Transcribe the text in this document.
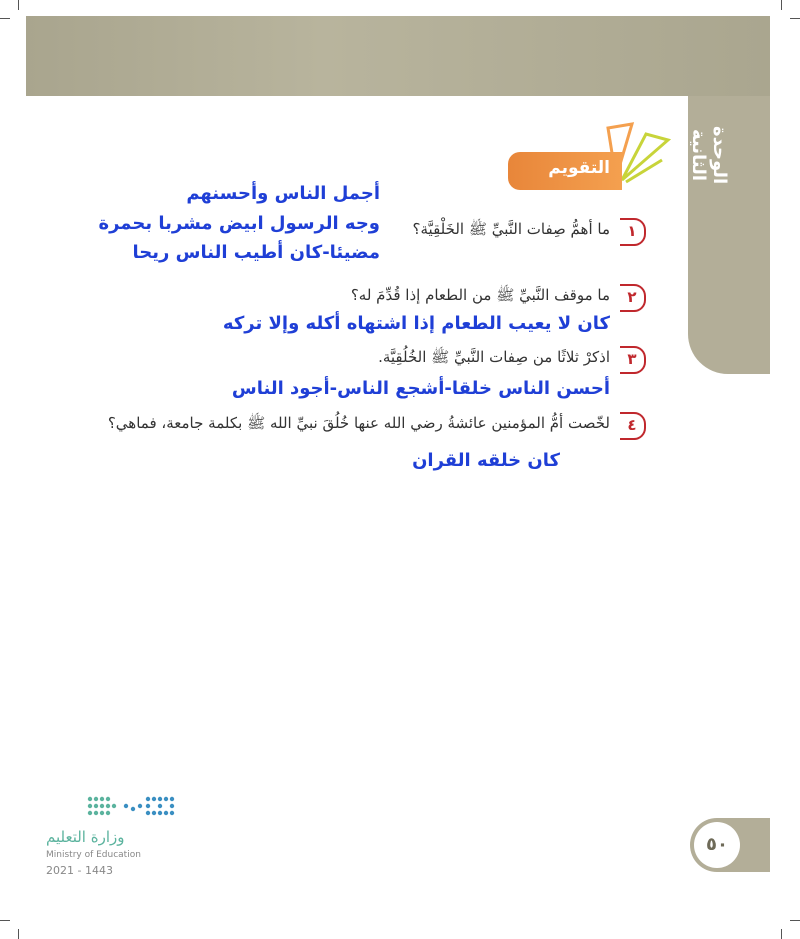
الوحدة الثانية
التقويم
١
ما أهمُّ صِفات النَّبيِّ ﷺ الخَلْقِيَّة؟
أجمل الناس وأحسنهم
وجه الرسول ابيض مشربا بحمرة
مضيئا-كان أطيب الناس ريحا
٢
ما موقف النَّبيِّ ﷺ من الطعام إذا قُدِّمَ له؟
كان لا يعيب الطعام إذا اشتهاه أكله وإلا تركه
٣
اذكرْ ثلاثًا من صِفات النَّبيِّ ﷺ الخُلُقِيَّة.
أحسن الناس خلقا-أشجع الناس-أجود الناس
٤
لخّصت أمُّ المؤمنين عائشةُ رضي الله عنها خُلُقَ نبيِّ الله ﷺ بكلمة جامعة، فماهي؟
كان خلقه القران
٥٠
وزارة التعليم
Ministry of Education
2021 - 1443
